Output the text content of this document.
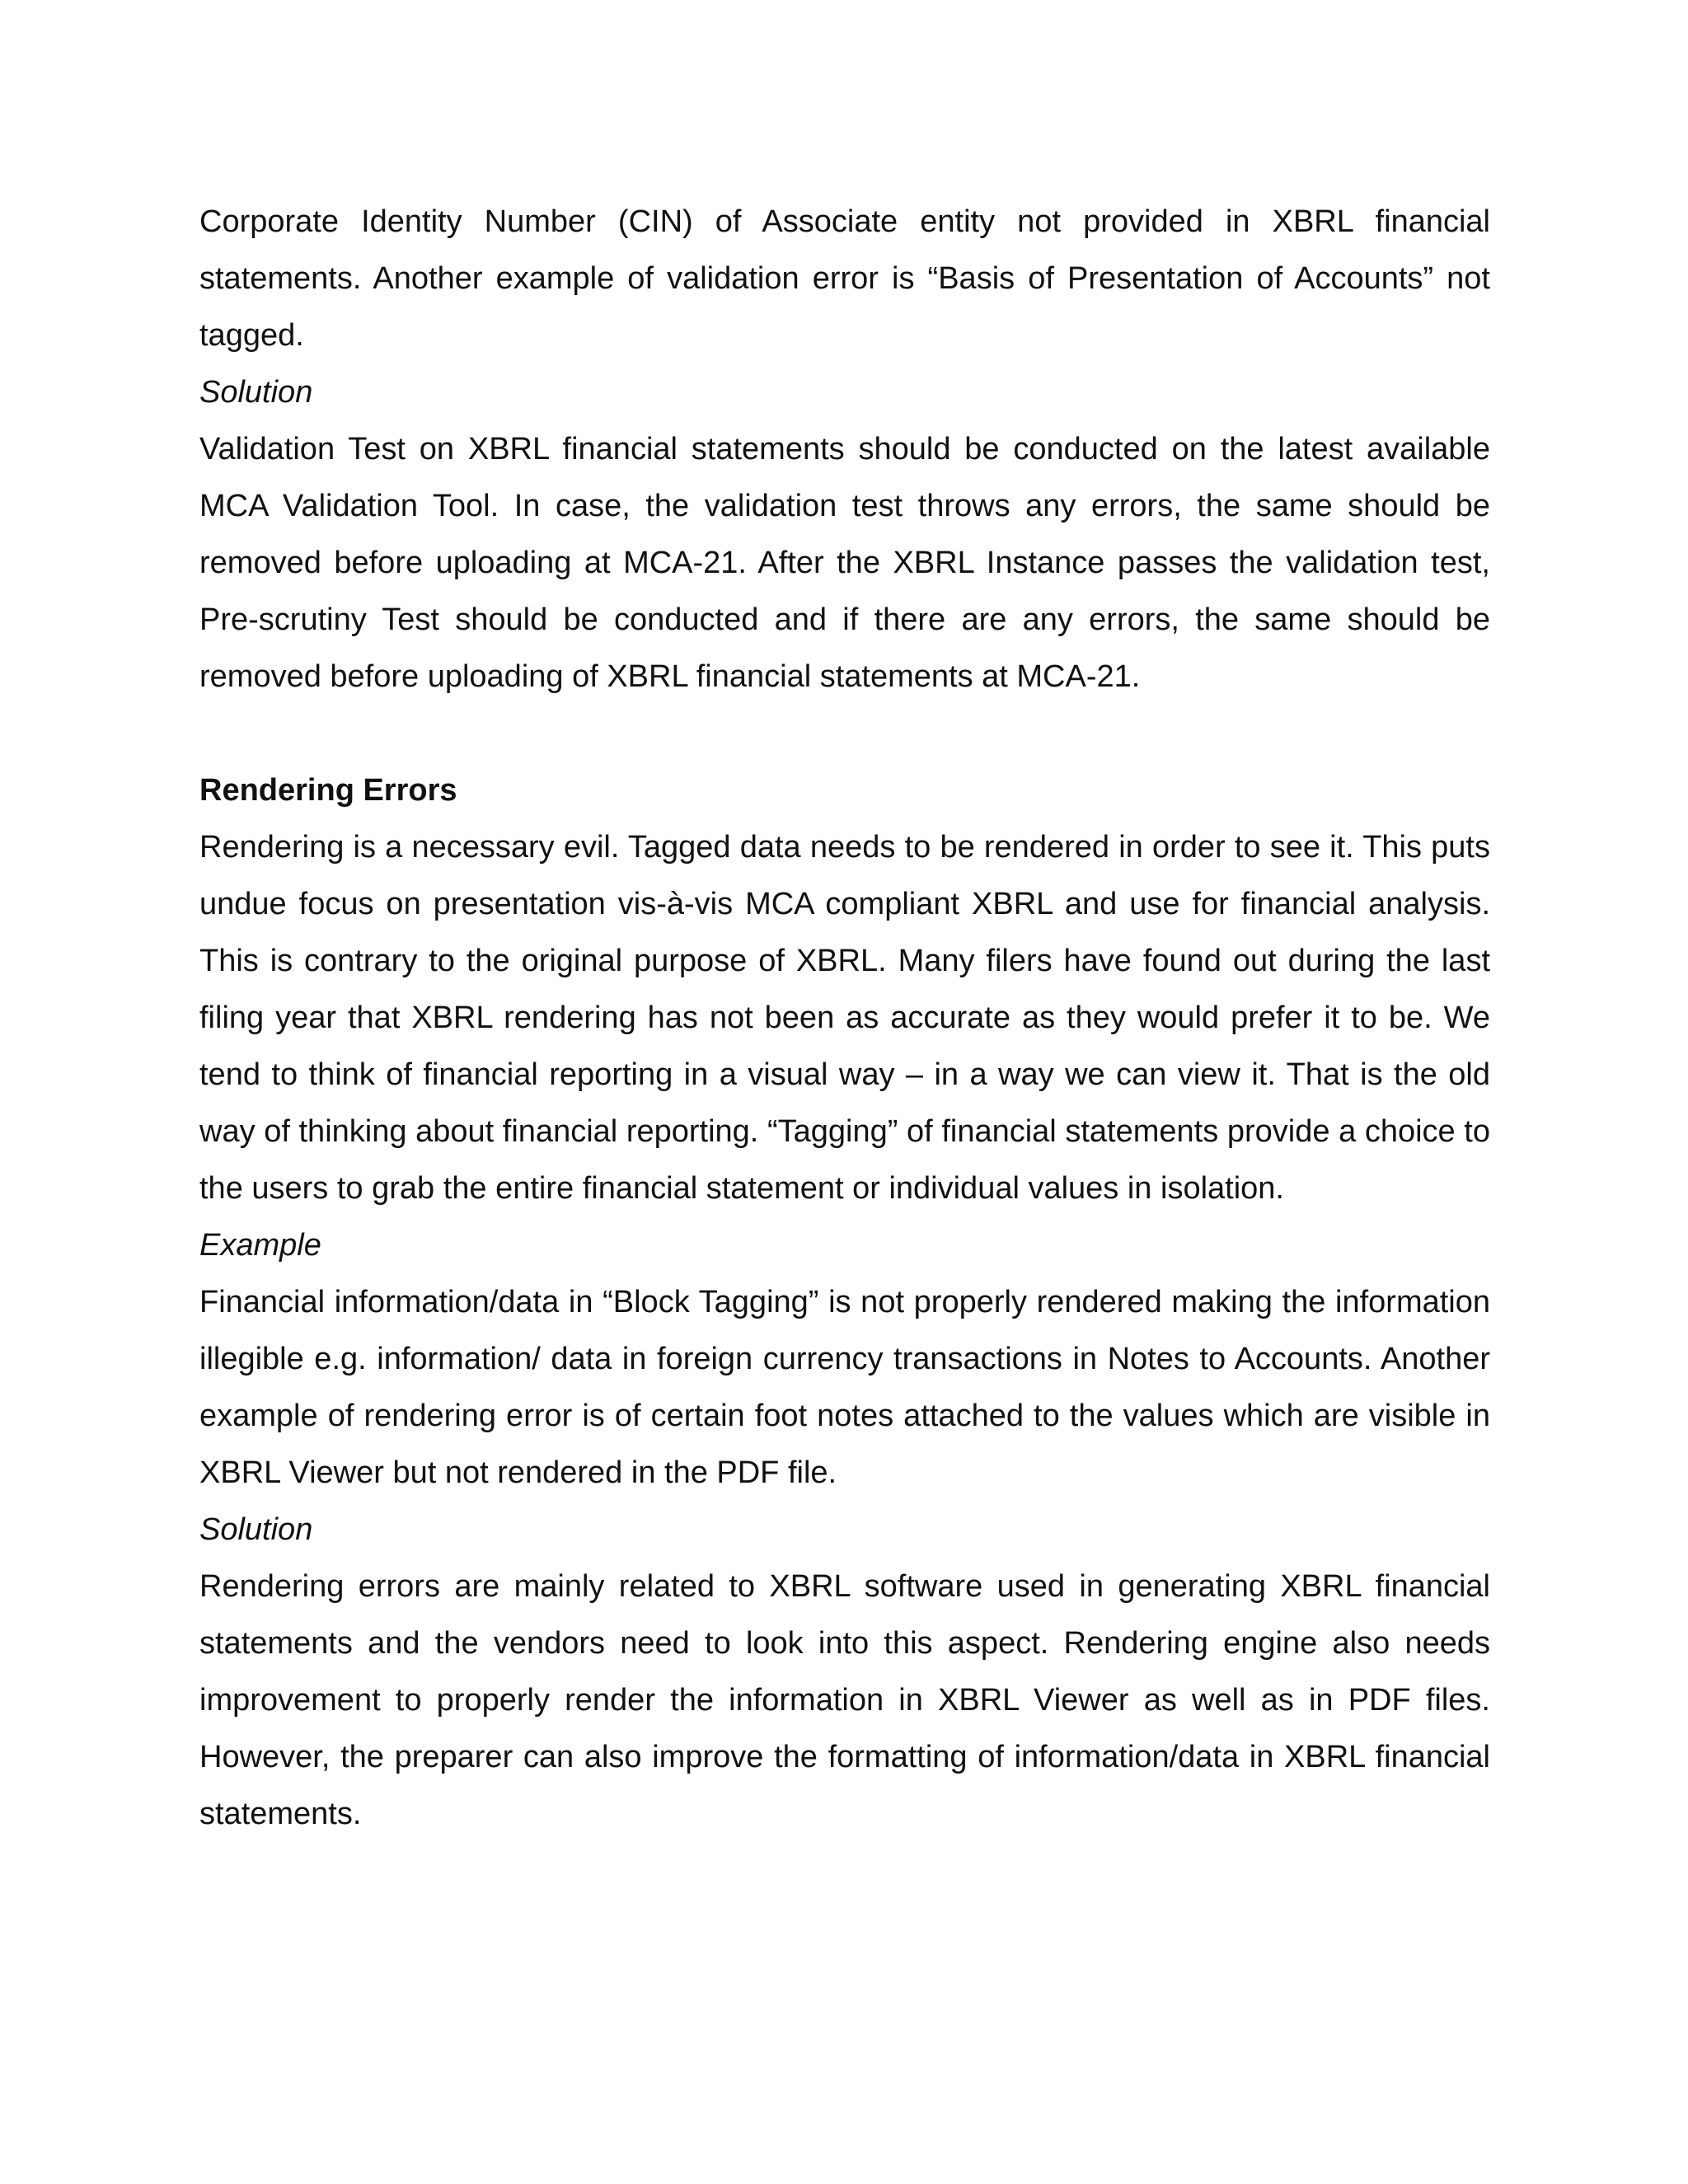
Corporate Identity Number (CIN) of Associate entity not provided in XBRL financial statements. Another example of validation error is “Basis of Presentation of Accounts” not tagged.

Solution

Validation Test on XBRL financial statements should be conducted on the latest available MCA Validation Tool. In case, the validation test throws any errors, the same should be removed before uploading at MCA-21. After the XBRL Instance passes the validation test, Pre-scrutiny Test should be conducted and if there are any errors, the same should be removed before uploading of XBRL financial statements at MCA-21.

Rendering Errors

Rendering is a necessary evil. Tagged data needs to be rendered in order to see it. This puts undue focus on presentation vis-à-vis MCA compliant XBRL and use for financial analysis. This is contrary to the original purpose of XBRL. Many filers have found out during the last filing year that XBRL rendering has not been as accurate as they would prefer it to be. We tend to think of financial reporting in a visual way – in a way we can view it. That is the old way of thinking about financial reporting. “Tagging” of financial statements provide a choice to the users to grab the entire financial statement or individual values in isolation.

Example

Financial information/data in “Block Tagging” is not properly rendered making the information illegible e.g. information/ data in foreign currency transactions in Notes to Accounts. Another example of rendering error is of certain foot notes attached to the values which are visible in XBRL Viewer but not rendered in the PDF file.

Solution

Rendering errors are mainly related to XBRL software used in generating XBRL financial statements and the vendors need to look into this aspect. Rendering engine also needs improvement to properly render the information in XBRL Viewer as well as in PDF files. However, the preparer can also improve the formatting of information/data in XBRL financial statements.
